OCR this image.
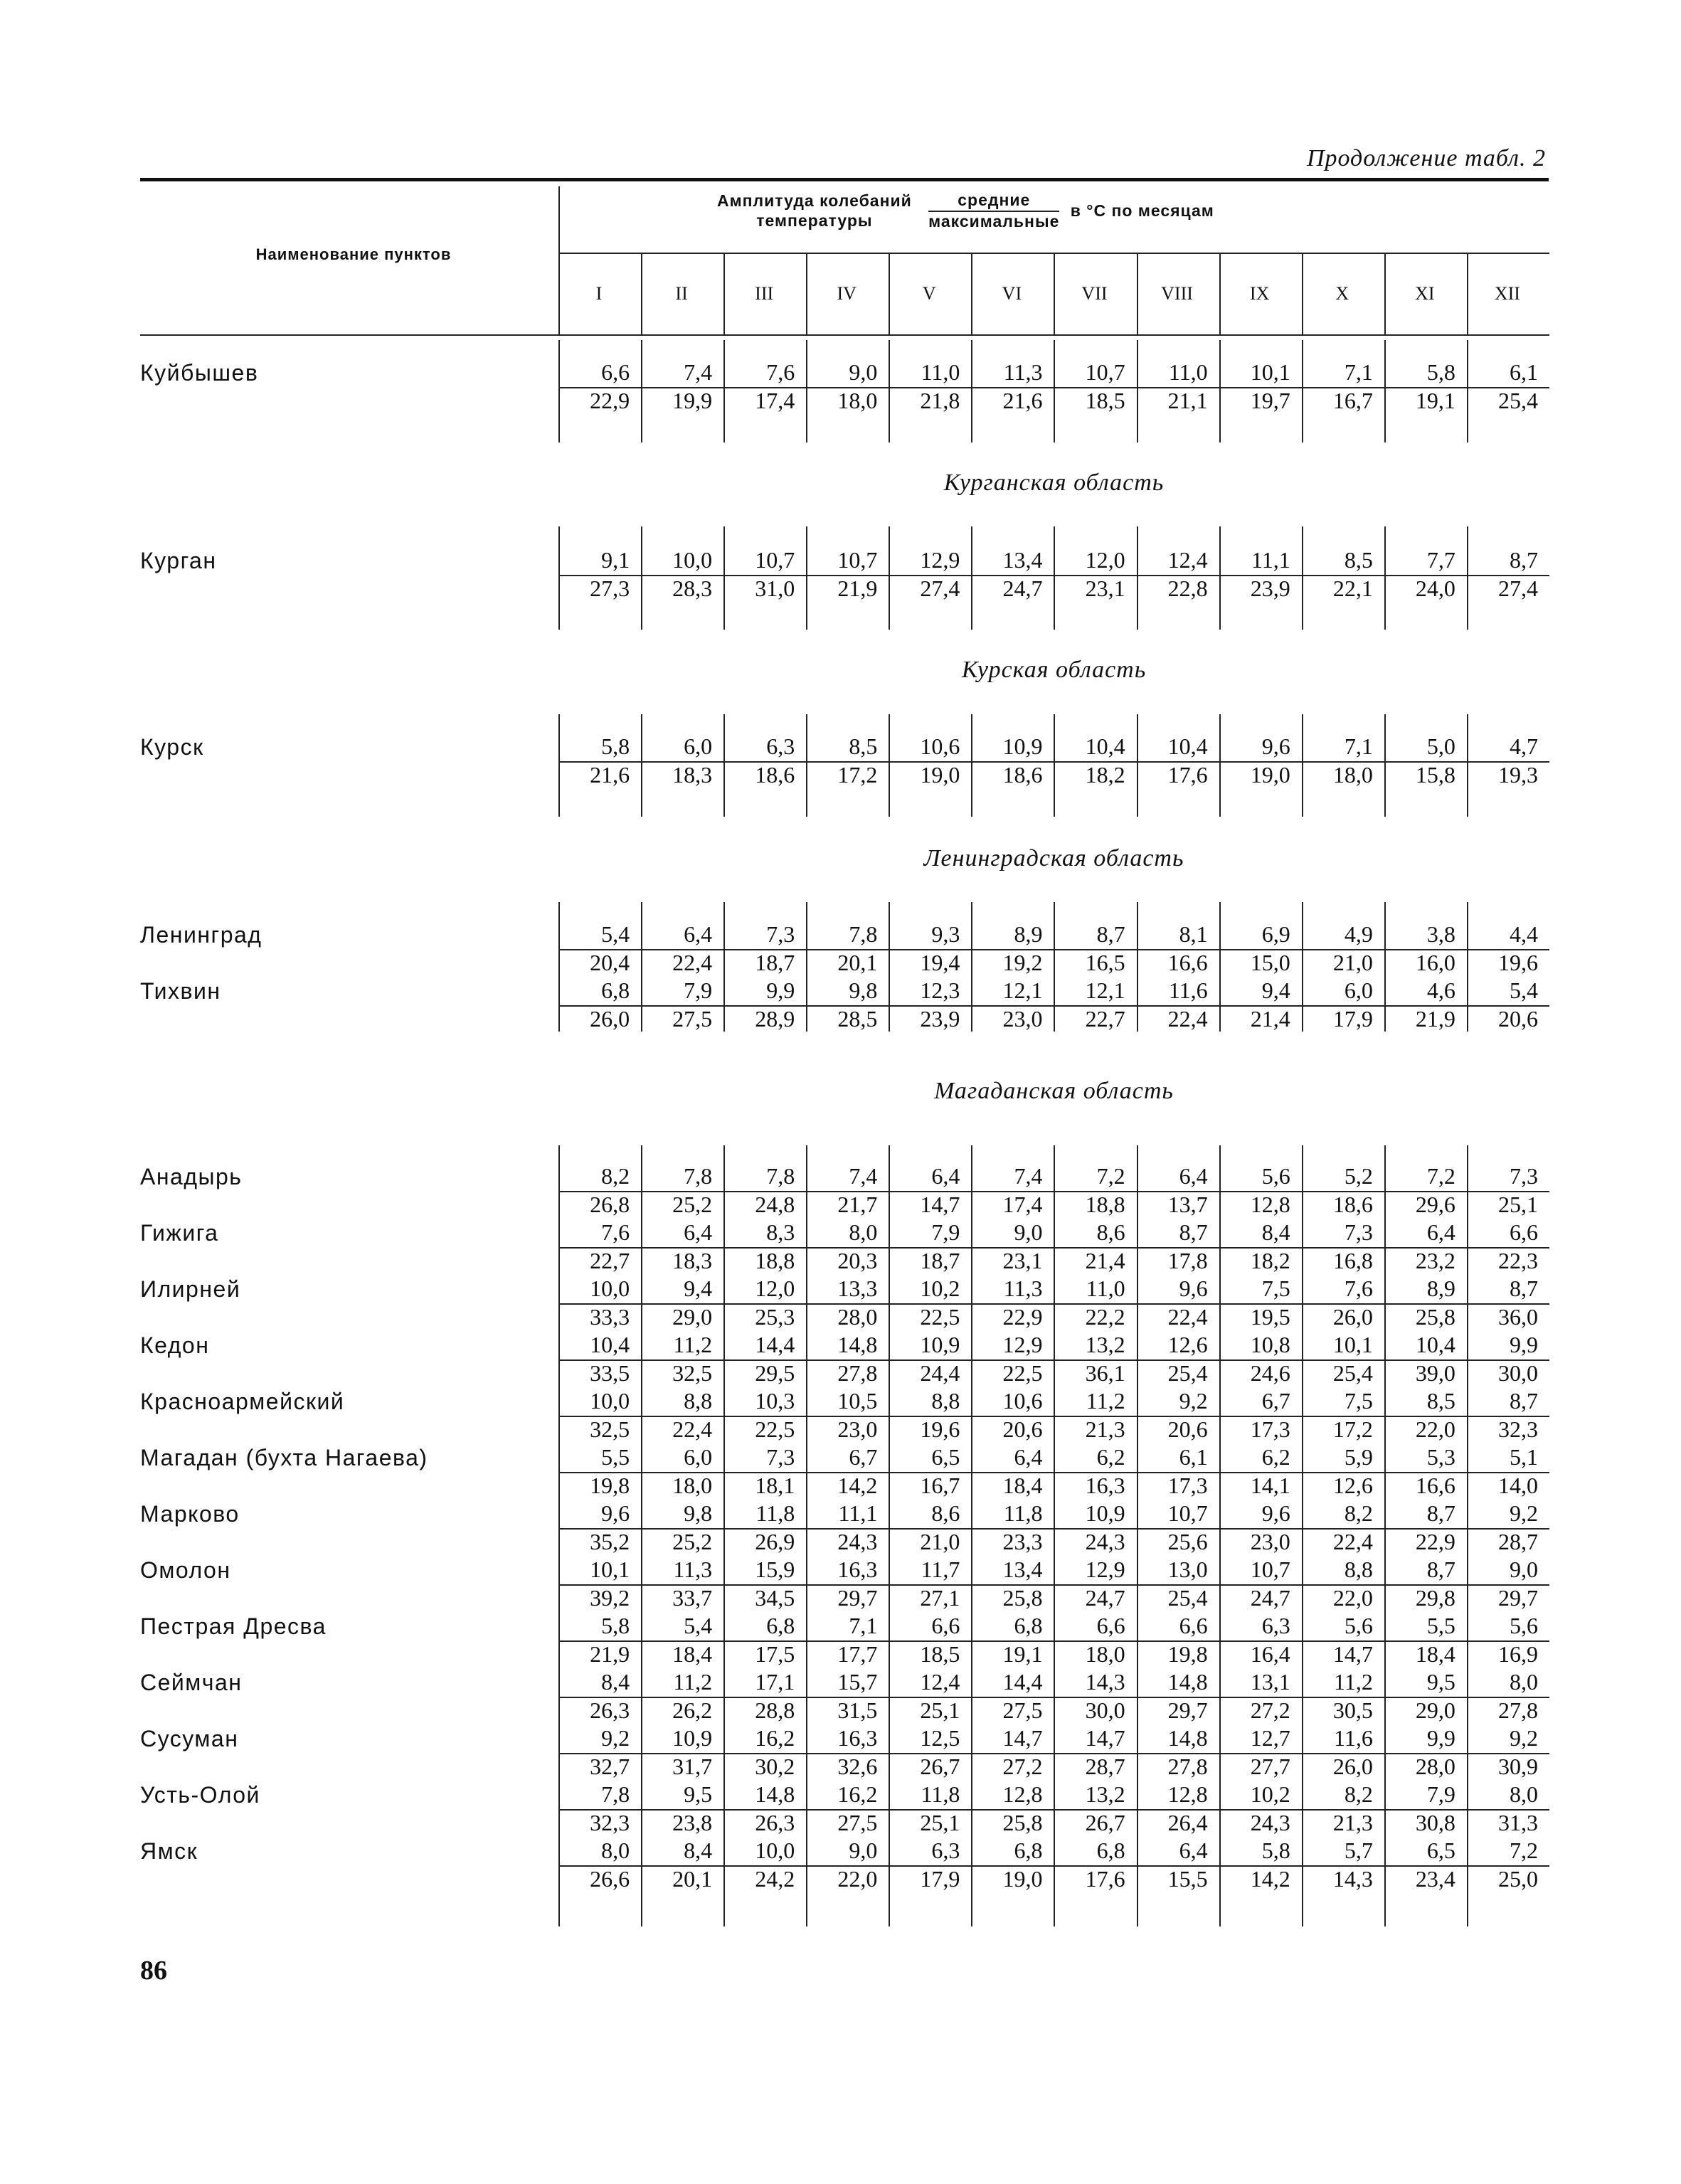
Продолжение табл. 2
Наименование пунктов
Амплитуда колебаний
температуры
	$\frac{\text{средние}}{\text{максимальные}}$ в °С по месяцам
I	II	III	IV	V	VI	VII	VIII	IX	X	XI	XII
Куйбышев	6,6	7,4	7,6	9,0	11,0	11,3	10,7	11,0	10,1	7,1	5,8	6,1
22,9	19,9	17,4	18,0	21,8	21,6	18,5	21,1	19,7	16,7	19,1	25,4
Курганская область
Курган	9,1	10,0	10,7	10,7	12,9	13,4	12,0	12,4	11,1	8,5	7,7	8,7
27,3	28,3	31,0	21,9	27,4	24,7	23,1	22,8	23,9	22,1	24,0	27,4
Курская область
Курск	5,8	6,0	6,3	8,5	10,6	10,9	10,4	10,4	9,6	7,1	5,0	4,7
21,6	18,3	18,6	17,2	19,0	18,6	18,2	17,6	19,0	18,0	15,8	19,3
Ленинградская область
Ленинград	5,4	6,4	7,3	7,8	9,3	8,9	8,7	8,1	6,9	4,9	3,8	4,4
20,4	22,4	18,7	20,1	19,4	19,2	16,5	16,6	15,0	21,0	16,0	19,6
Тихвин	6,8	7,9	9,9	9,8	12,3	12,1	12,1	11,6	9,4	6,0	4,6	5,4
26,0	27,5	28,9	28,5	23,9	23,0	22,7	22,4	21,4	17,9	21,9	20,6
Магаданская область
Анадырь	8,2	7,8	7,8	7,4	6,4	7,4	7,2	6,4	5,6	5,2	7,2	7,3
26,8	25,2	24,8	21,7	14,7	17,4	18,8	13,7	12,8	18,6	29,6	25,1
Гижига	7,6	6,4	8,3	8,0	7,9	9,0	8,6	8,7	8,4	7,3	6,4	6,6
22,7	18,3	18,8	20,3	18,7	23,1	21,4	17,8	18,2	16,8	23,2	22,3
Илирней	10,0	9,4	12,0	13,3	10,2	11,3	11,0	9,6	7,5	7,6	8,9	8,7
33,3	29,0	25,3	28,0	22,5	22,9	22,2	22,4	19,5	26,0	25,8	36,0
Кедон	10,4	11,2	14,4	14,8	10,9	12,9	13,2	12,6	10,8	10,1	10,4	9,9
33,5	32,5	29,5	27,8	24,4	22,5	36,1	25,4	24,6	25,4	39,0	30,0
Красноармейский	10,0	8,8	10,3	10,5	8,8	10,6	11,2	9,2	6,7	7,5	8,5	8,7
32,5	22,4	22,5	23,0	19,6	20,6	21,3	20,6	17,3	17,2	22,0	32,3
Магадан (бухта Нагаева)	5,5	6,0	7,3	6,7	6,5	6,4	6,2	6,1	6,2	5,9	5,3	5,1
19,8	18,0	18,1	14,2	16,7	18,4	16,3	17,3	14,1	12,6	16,6	14,0
Марково	9,6	9,8	11,8	11,1	8,6	11,8	10,9	10,7	9,6	8,2	8,7	9,2
35,2	25,2	26,9	24,3	21,0	23,3	24,3	25,6	23,0	22,4	22,9	28,7
Омолон	10,1	11,3	15,9	16,3	11,7	13,4	12,9	13,0	10,7	8,8	8,7	9,0
39,2	33,7	34,5	29,7	27,1	25,8	24,7	25,4	24,7	22,0	29,8	29,7
Пестрая Дресва	5,8	5,4	6,8	7,1	6,6	6,8	6,6	6,6	6,3	5,6	5,5	5,6
21,9	18,4	17,5	17,7	18,5	19,1	18,0	19,8	16,4	14,7	18,4	16,9
Сеймчан	8,4	11,2	17,1	15,7	12,4	14,4	14,3	14,8	13,1	11,2	9,5	8,0
26,3	26,2	28,8	31,5	25,1	27,5	30,0	29,7	27,2	30,5	29,0	27,8
Сусуман	9,2	10,9	16,2	16,3	12,5	14,7	14,7	14,8	12,7	11,6	9,9	9,2
32,7	31,7	30,2	32,6	26,7	27,2	28,7	27,8	27,7	26,0	28,0	30,9
Усть-Олой	7,8	9,5	14,8	16,2	11,8	12,8	13,2	12,8	10,2	8,2	7,9	8,0
32,3	23,8	26,3	27,5	25,1	25,8	26,7	26,4	24,3	21,3	30,8	31,3
Ямск	8,0	8,4	10,0	9,0	6,3	6,8	6,8	6,4	5,8	5,7	6,5	7,2
26,6	20,1	24,2	22,0	17,9	19,0	17,6	15,5	14,2	14,3	23,4	25,0
86
